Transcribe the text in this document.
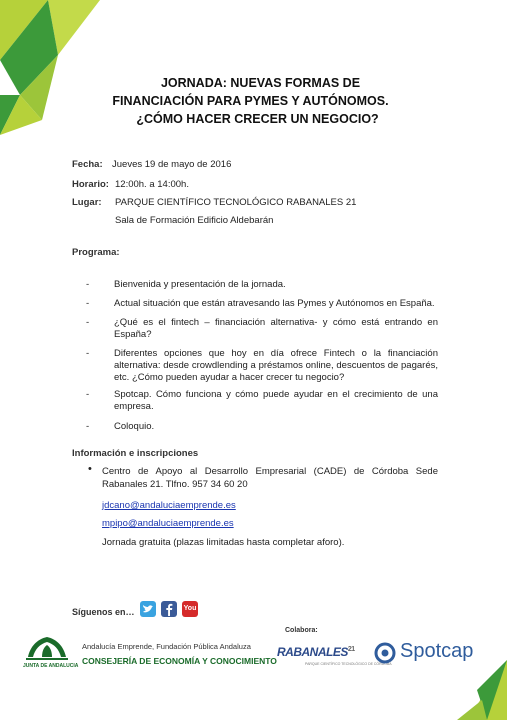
JORNADA: NUEVAS FORMAS DE
FINANCIACIÓN PARA PYMES Y AUTÓNOMOS.
¿CÓMO HACER CRECER UN NEGOCIO?
Fecha: Jueves 19 de mayo de 2016
Horario: 12:00h. a 14:00h.
Lugar: PARQUE CIENTÍFICO TECNOLÓGICO RABANALES 21
Sala de Formación Edificio Aldebarán
Programa:
-	Bienvenida y presentación de la jornada.
-	Actual situación que están atravesando las Pymes y Autónomos en España.
-	¿Qué es el fintech – financiación alternativa- y cómo está entrando en España?
-	Diferentes opciones que hoy en día ofrece Fintech o la financiación alternativa: desde crowdlending a préstamos online, descuentos de pagarés, etc. ¿Cómo pueden ayudar a hacer crecer tu negocio?
-	Spotcap. Cómo funciona y cómo puede ayudar en el crecimiento de una empresa.
-	Coloquio.
Información e inscripciones
• Centro de Apoyo al Desarrollo Empresarial (CADE) de Córdoba Sede Rabanales 21. Tlfno. 957 34 60 20
jdcano@andaluciaemprende.es
mpipo@andaluciaemprende.es
Jornada gratuita (plazas limitadas hasta completar aforo).
Síguenos en…	You
Colabora:
JUNTA DE ANDALUCIA
Andalucía Emprende, Fundación Pública Andaluza
CONSEJERÍA DE ECONOMÍA Y CONOCIMIENTO
RABANALES$^{21}$
PARQUE CIENTÍFICO TECNOLÓGICO DE CÓRDOBA
Spotcap
